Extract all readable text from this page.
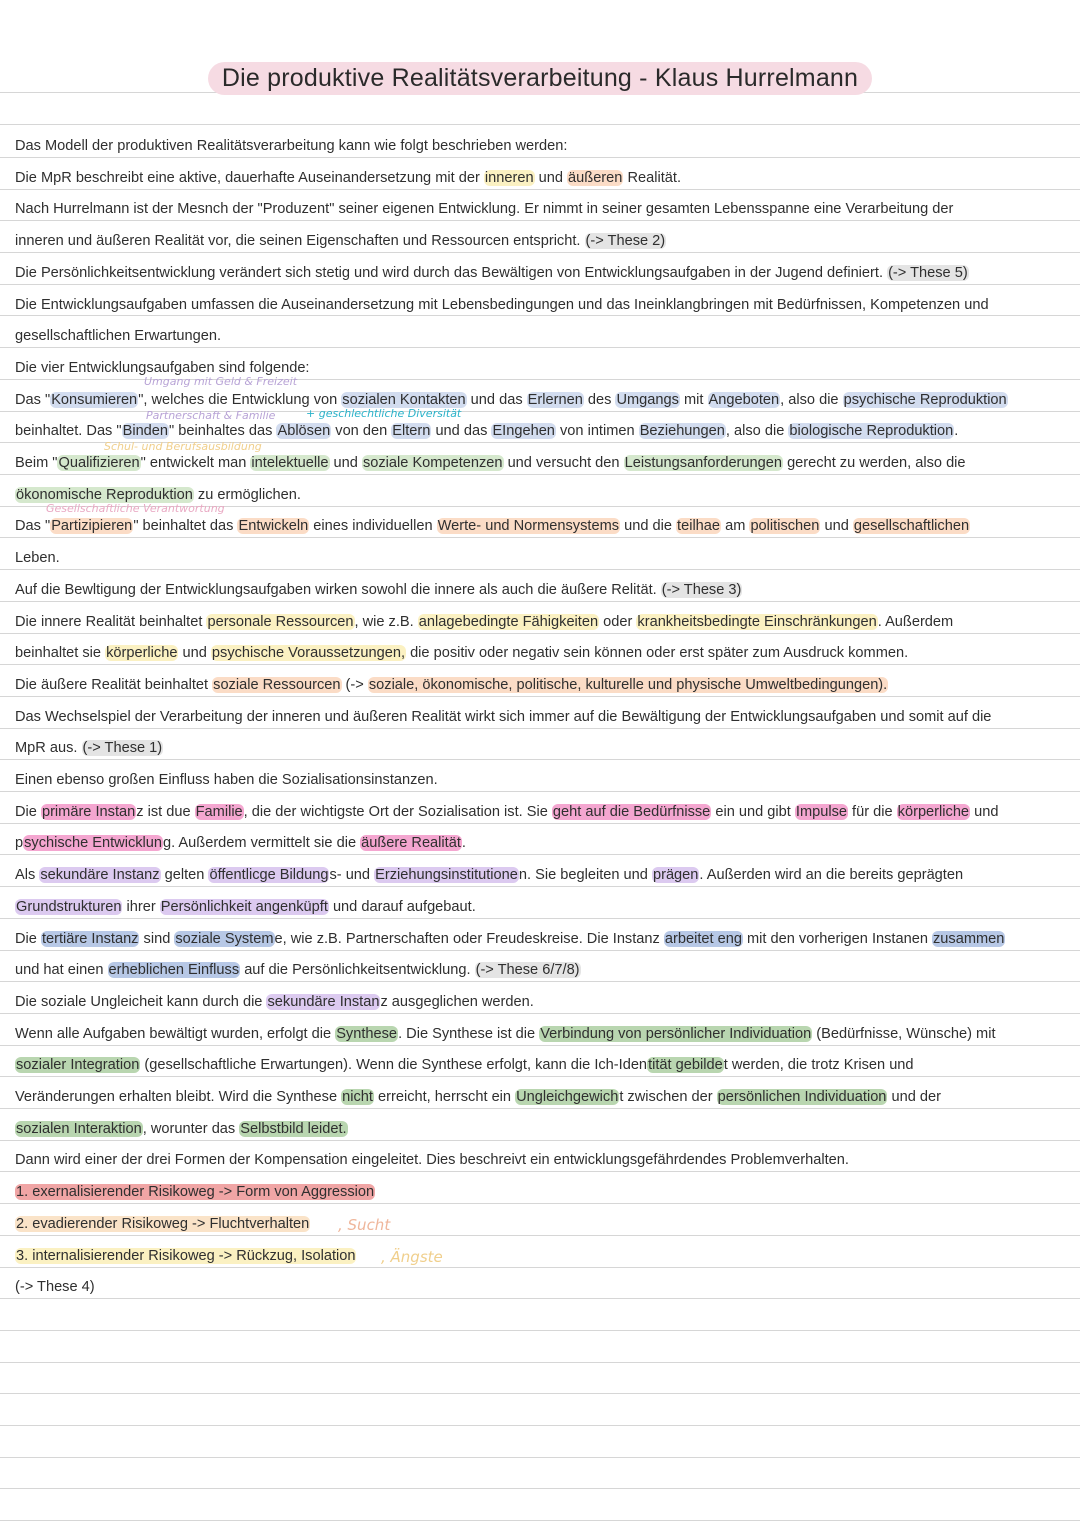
Die produktive Realitätsverarbeitung - Klaus Hurrelmann
Das Modell der produktiven Realitätsverarbeitung kann wie folgt beschrieben werden:
Die MpR beschreibt eine aktive, dauerhafte Auseinandersetzung mit der inneren und äußeren Realität.
Nach Hurrelmann ist der Mesnch der "Produzent" seiner eigenen Entwicklung. Er nimmt in seiner gesamten Lebensspanne eine Verarbeitung der
inneren und äußeren Realität vor, die seinen Eigenschaften und Ressourcen entspricht. (-> These 2)
Die Persönlichkeitsentwicklung verändert sich stetig und wird durch das Bewältigen von Entwicklungsaufgaben in der Jugend definiert. (-> These 5)
Die Entwicklungsaufgaben umfassen die Auseinandersetzung mit Lebensbedingungen und das Ineinklangbringen mit Bedürfnissen, Kompetenzen und
gesellschaftlichen Erwartungen.
Die vier Entwicklungsaufgaben sind folgende:
Das "Konsumieren", welches die Entwicklung von sozialen Kontakten und das Erlernen des Umgangs mit Angeboten, also die psychische Reproduktion
beinhaltet. Das "Binden" beinhaltes das Ablösen von den Eltern und das EIngehen von intimen Beziehungen, also die biologische Reproduktion.
Beim "Qualifizieren" entwickelt man intelektuelle und soziale Kompetenzen und versucht den Leistungsanforderungen gerecht zu werden, also die
ökonomische Reproduktion zu ermöglichen.
Das "Partizipieren" beinhaltet das Entwickeln eines individuellen Werte- und Normensystems und die teilhae am politischen und gesellschaftlichen
Leben.
Auf die Bewltigung der Entwicklungsaufgaben wirken sowohl die innere als auch die äußere Relität. (-> These 3)
Die innere Realität beinhaltet personale Ressourcen, wie z.B. anlagebedingte Fähigkeiten oder krankheitsbedingte Einschränkungen. Außerdem
beinhaltet sie körperliche und psychische Voraussetzungen, die positiv oder negativ sein können oder erst später zum Ausdruck kommen.
Die äußere Realität beinhaltet soziale Ressourcen (-> soziale, ökonomische, politische, kulturelle und physische Umweltbedingungen).
Das Wechselspiel der Verarbeitung der inneren und äußeren Realität wirkt sich immer auf die Bewältigung der Entwicklungsaufgaben und somit auf die
MpR aus. (-> These 1)
Einen ebenso großen Einfluss haben die Sozialisationsinstanzen.
Die primäre Instanz ist due Familie, die der wichtigste Ort der Sozialisation ist. Sie geht auf die Bedürfnisse ein und gibt Impulse für die körperliche und
psychische Entwicklung. Außerdem vermittelt sie die äußere Realität.
Als sekundäre Instanz gelten öffentlicge Bildungs- und Erziehungsinstitutionen. Sie begleiten und prägen. Außerden wird an die bereits geprägten
Grundstrukturen ihrer Persönlichkeit angenküpft und darauf aufgebaut.
Die tertiäre Instanz sind soziale Systeme, wie z.B. Partnerschaften oder Freudeskreise. Die Instanz arbeitet eng mit den vorherigen Instanen zusammen
und hat einen erheblichen Einfluss auf die Persönlichkeitsentwicklung. (-> These 6/7/8)
Die soziale Ungleicheit kann durch die sekundäre Instanz ausgeglichen werden.
Wenn alle Aufgaben bewältigt wurden, erfolgt die Synthese. Die Synthese ist die Verbindung von persönlicher Individuation (Bedürfnisse, Wünsche) mit
sozialer Integration (gesellschaftliche Erwartungen). Wenn die Synthese erfolgt, kann die Ich-Identität gebildet werden, die trotz Krisen und
Veränderungen erhalten bleibt. Wird die Synthese nicht erreicht, herrscht ein Ungleichgewicht zwischen der persönlichen Individuation und der
sozialen Interaktion, worunter das Selbstbild leidet.
Dann wird einer der drei Formen der Kompensation eingeleitet. Dies beschreivt ein entwicklungsgefährdendes Problemverhalten.
1. exernalisierender Risikoweg -> Form von Aggression
2. evadierender Risikoweg -> Fluchtverhalten
3. internalisierender Risikoweg -> Rückzug, Isolation
(-> These 4)
Umgang mit Geld & Freizeit
Partnerschaft & Familie	+ geschlechtliche Diversität
Schul- und Berufsausbildung
Gesellschaftliche Verantwortung
, Sucht
, Ängste
